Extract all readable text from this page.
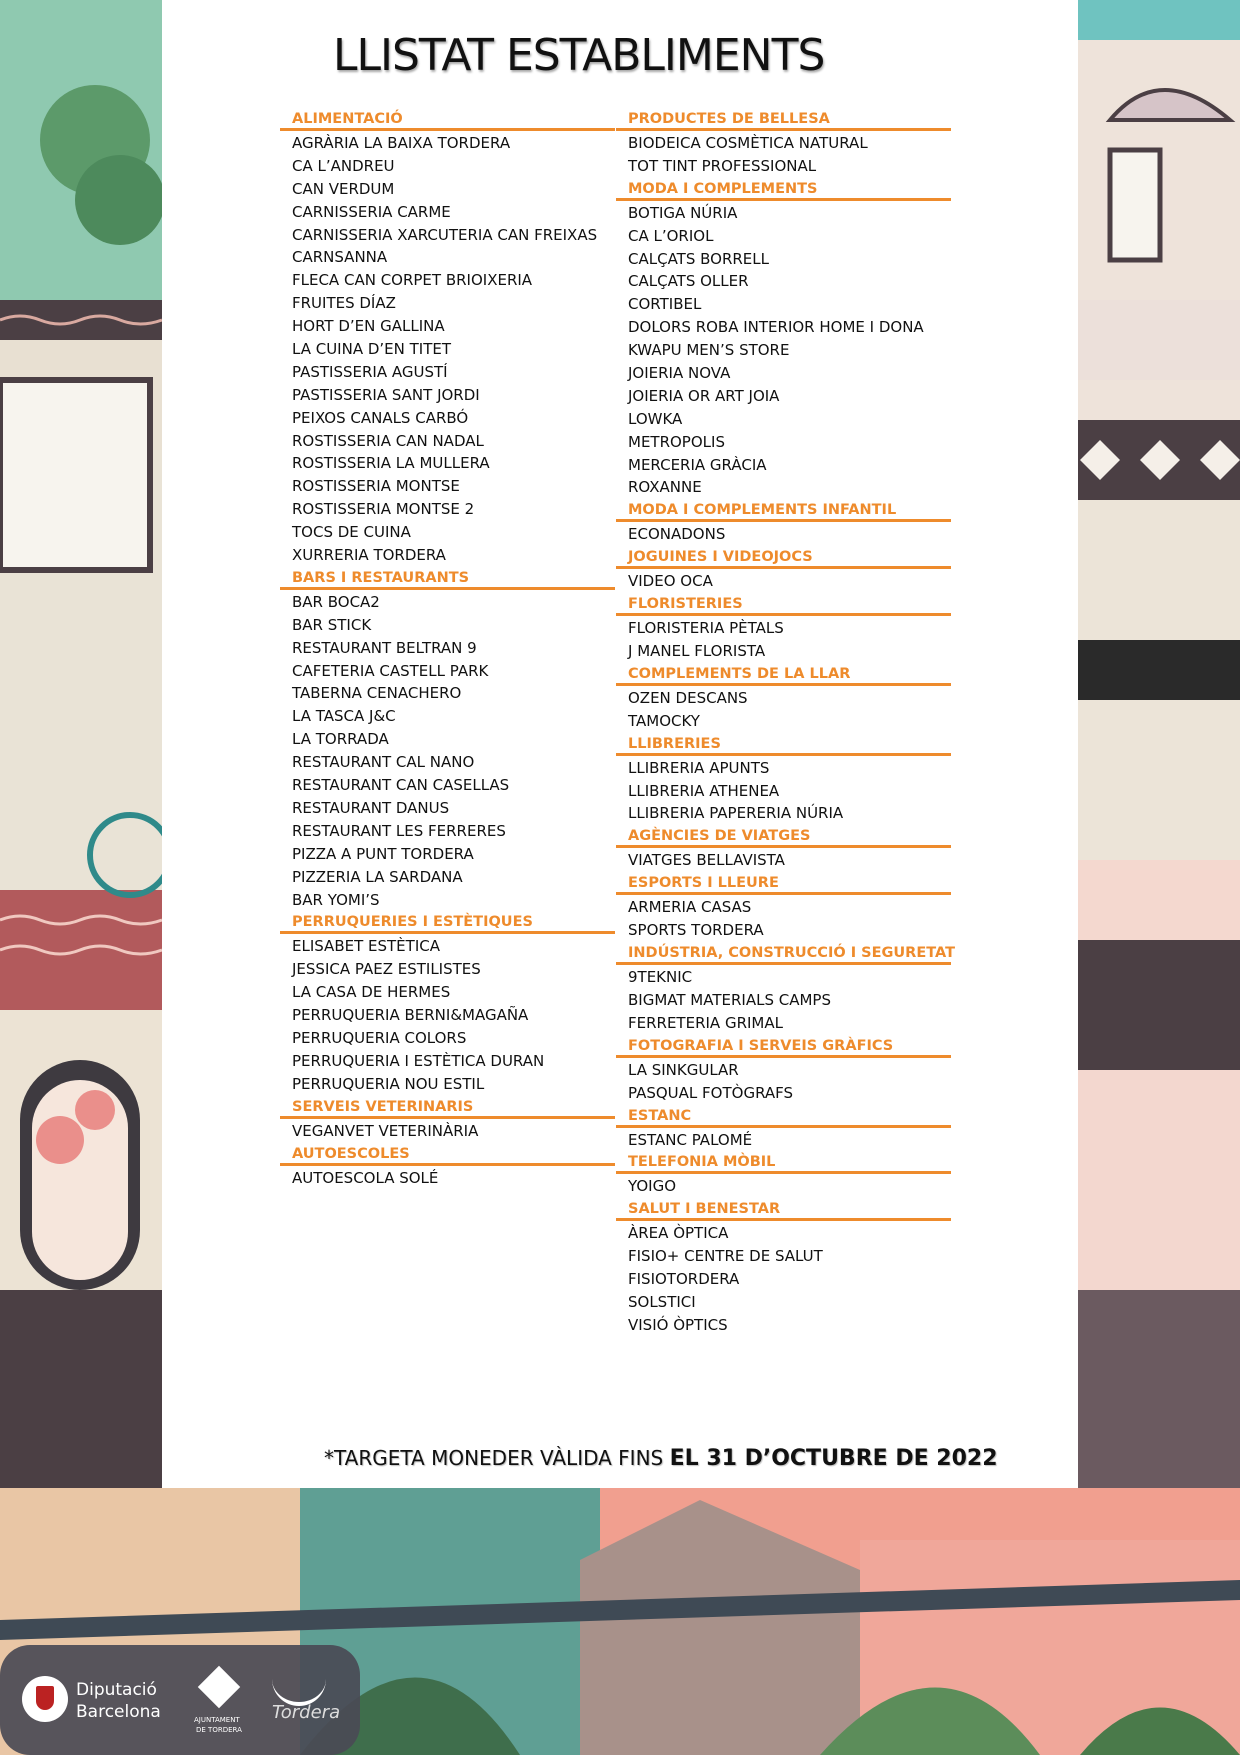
LLISTAT ESTABLIMENTS
ALIMENTACIÓ
AGRÀRIA LA BAIXA TORDERA
CA L’ANDREU
CAN VERDUM
CARNISSERIA CARME
CARNISSERIA XARCUTERIA CAN FREIXAS
CARNSANNA
FLECA CAN CORPET BRIOIXERIA
FRUITES DÍAZ
HORT D’EN GALLINA
LA CUINA D’EN TITET
PASTISSERIA AGUSTÍ
PASTISSERIA SANT JORDI
PEIXOS CANALS CARBÓ
ROSTISSERIA CAN NADAL
ROSTISSERIA LA MULLERA
ROSTISSERIA MONTSE
ROSTISSERIA MONTSE 2
TOCS DE CUINA
XURRERIA TORDERA
BARS I RESTAURANTS
BAR BOCA2
BAR STICK
RESTAURANT BELTRAN 9
CAFETERIA CASTELL PARK
TABERNA CENACHERO
LA TASCA J&C
LA TORRADA
RESTAURANT CAL NANO
RESTAURANT CAN CASELLAS
RESTAURANT DANUS
RESTAURANT LES FERRERES
PIZZA A PUNT TORDERA
PIZZERIA LA SARDANA
BAR YOMI’S
PERRUQUERIES I ESTÈTIQUES
ELISABET ESTÈTICA
JESSICA PAEZ ESTILISTES
LA CASA DE HERMES
PERRUQUERIA BERNI&MAGAÑA
PERRUQUERIA COLORS
PERRUQUERIA I ESTÈTICA DURAN
PERRUQUERIA NOU ESTIL
SERVEIS VETERINARIS
VEGANVET VETERINÀRIA
AUTOESCOLES
AUTOESCOLA SOLÉ
PRODUCTES DE BELLESA
BIODEICA COSMÈTICA NATURAL
TOT TINT PROFESSIONAL
MODA I COMPLEMENTS
BOTIGA NÚRIA
CA L’ORIOL
CALÇATS BORRELL
CALÇATS OLLER
CORTIBEL
DOLORS ROBA INTERIOR HOME I DONA
KWAPU MEN’S STORE
JOIERIA NOVA
JOIERIA OR ART JOIA
LOWKA
METROPOLIS
MERCERIA GRÀCIA
ROXANNE
MODA I COMPLEMENTS INFANTIL
ECONADONS
JOGUINES I VIDEOJOCS
VIDEO OCA
FLORISTERIES
FLORISTERIA PÈTALS
J MANEL FLORISTA
COMPLEMENTS DE LA LLAR
OZEN DESCANS
TAMOCKY
LLIBRERIES
LLIBRERIA APUNTS
LLIBRERIA ATHENEA
LLIBRERIA PAPERERIA NÚRIA
AGÈNCIES DE VIATGES
VIATGES BELLAVISTA
ESPORTS I LLEURE
ARMERIA CASAS
SPORTS TORDERA
INDÚSTRIA, CONSTRUCCIÓ I SEGURETAT
9TEKNIC
BIGMAT MATERIALS CAMPS
FERRETERIA GRIMAL
FOTOGRAFIA I SERVEIS GRÀFICS
LA SINKGULAR
PASQUAL FOTÒGRAFS
ESTANC
ESTANC PALOMÉ
TELEFONIA MÒBIL
YOIGO
SALUT I BENESTAR
ÀREA ÒPTICA
FISIO+ CENTRE DE SALUT
FISIOTORDERA
SOLSTICI
VISIÓ ÒPTICS
*TARGETA MONEDER VÀLIDA FINS EL 31 D’OCTUBRE DE 2022
Diputació
Barcelona	AJUNTAMENT
DE TORDERA
Tordera
